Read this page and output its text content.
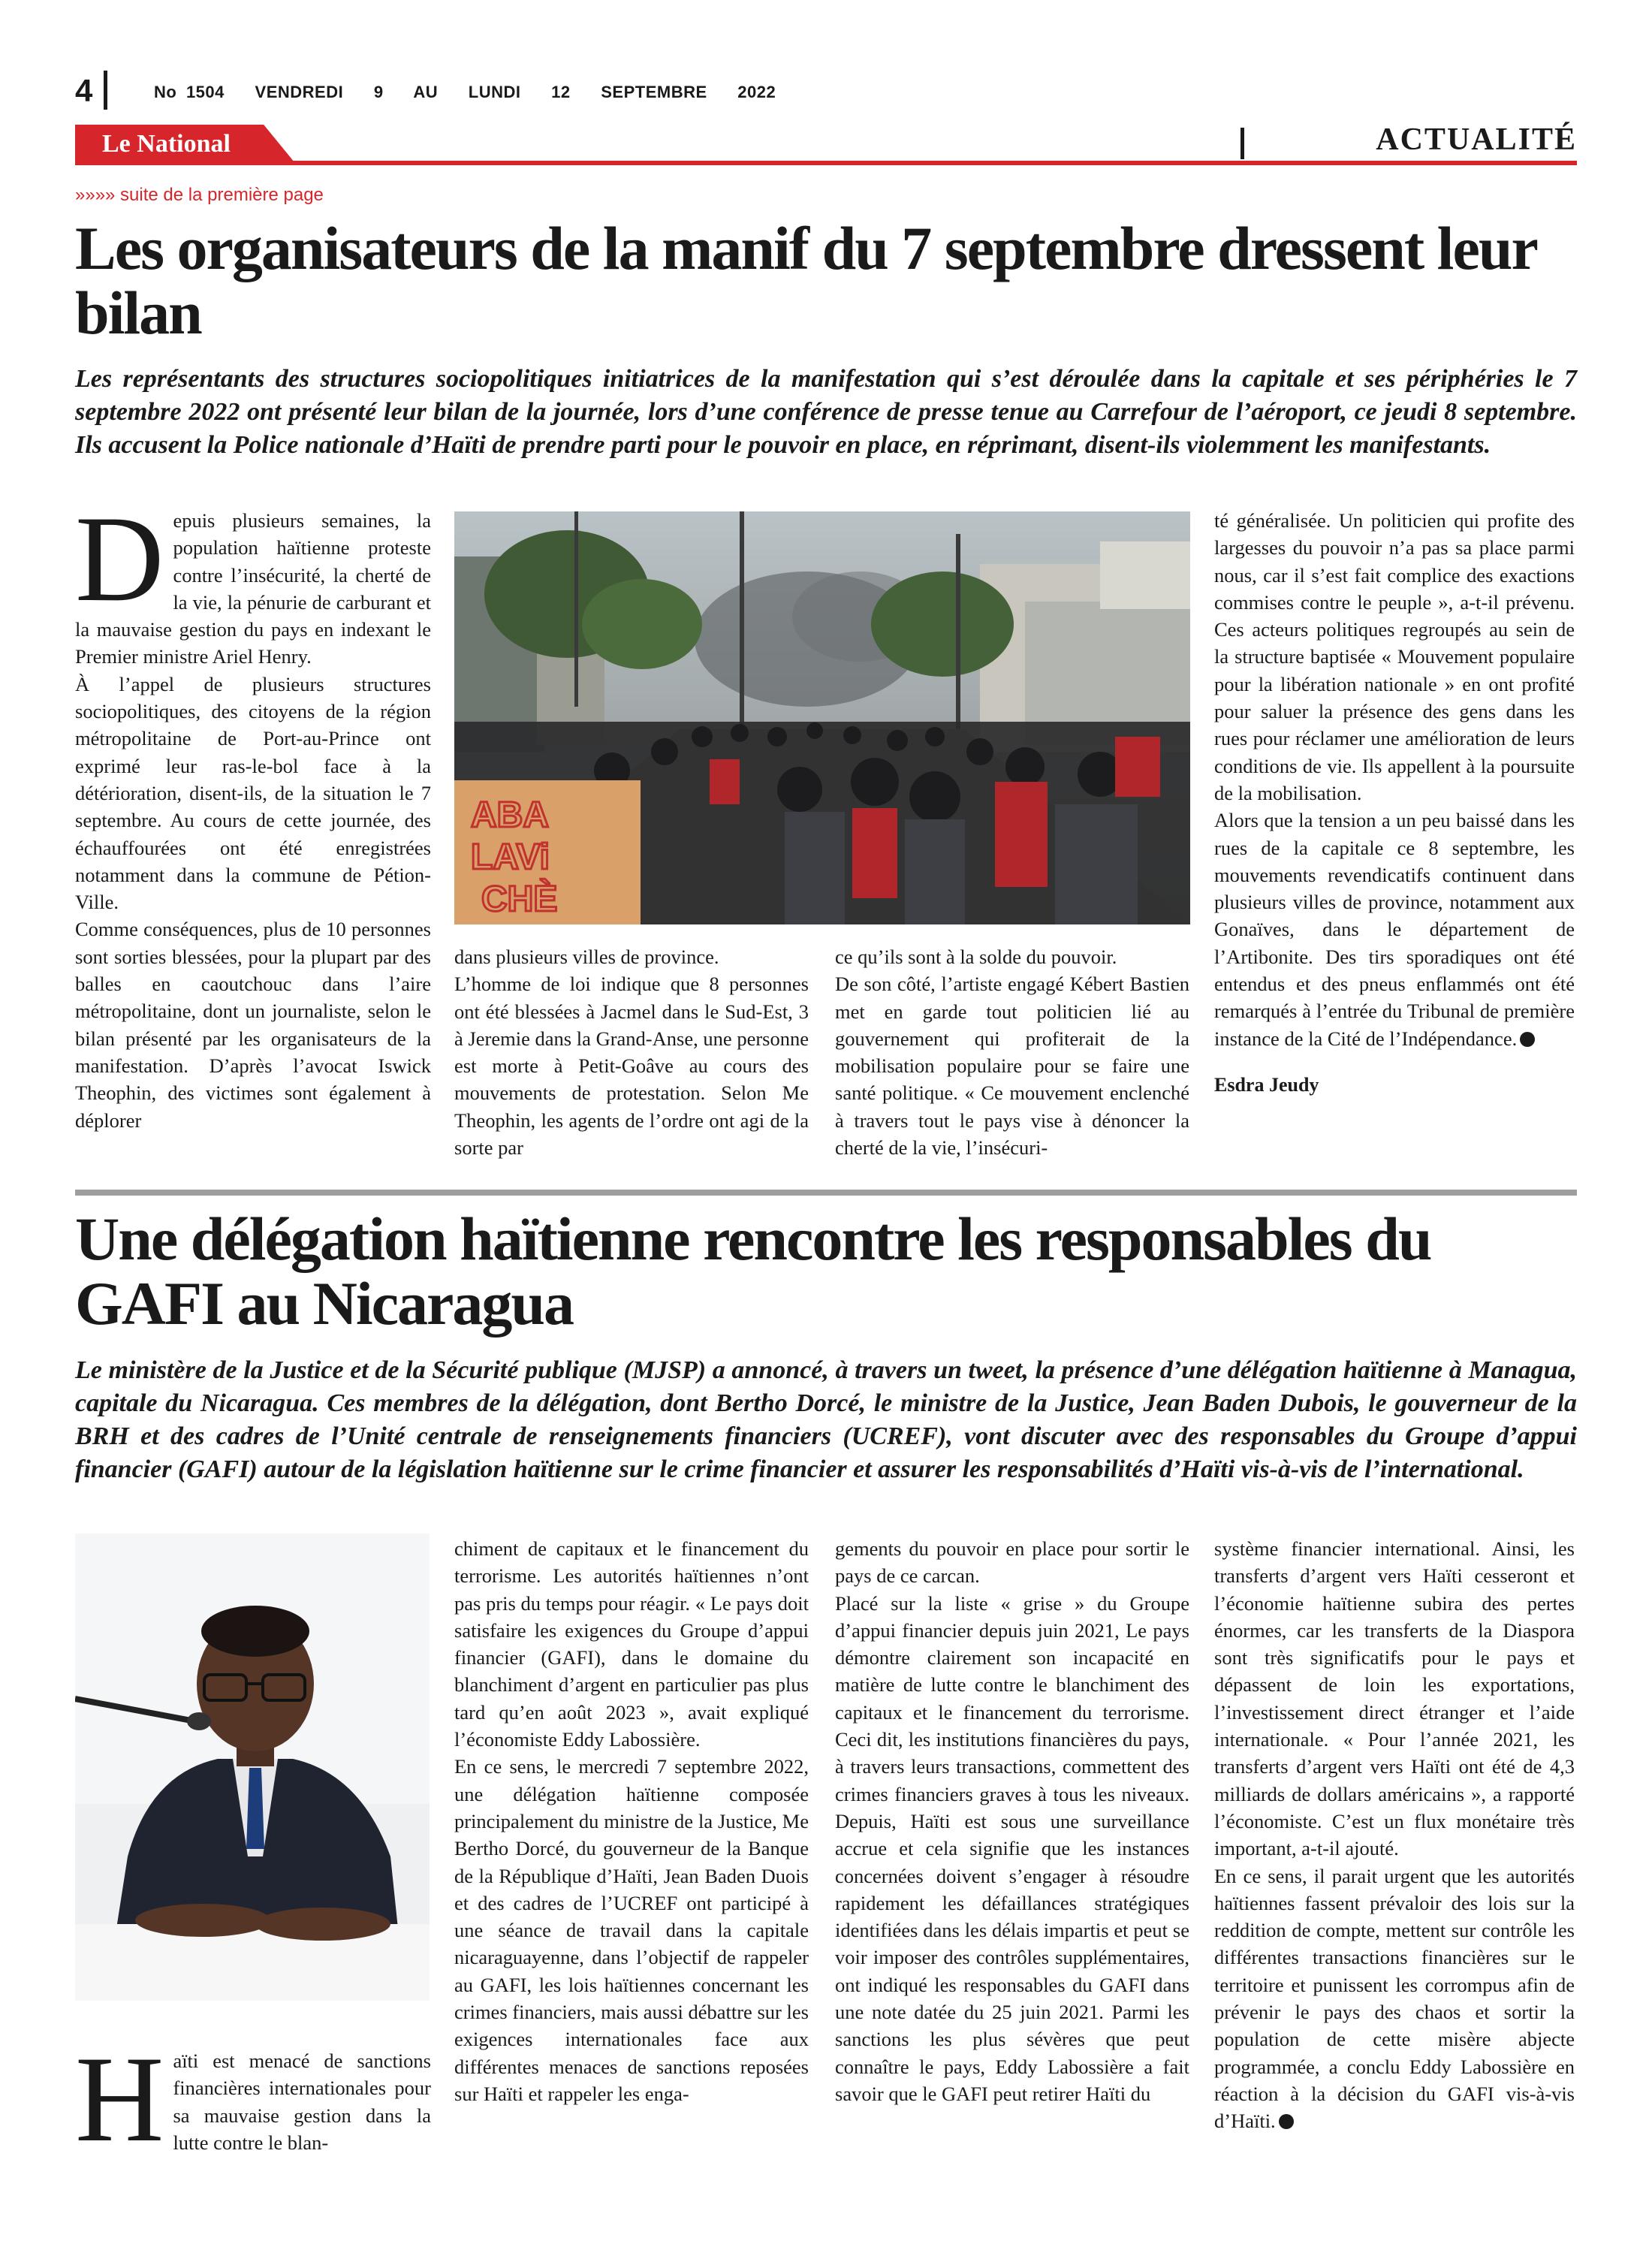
4	No 1504 VENDREDI 9 AU LUNDI 12 SEPTEMBRE 2022
Le National	ACTUALITÉ
»»»» suite de la première page
Les organisateurs de la manif du 7 septembre dressent leur bilan
Les représentants des structures sociopolitiques initiatrices de la manifestation qui s’est déroulée dans la capitale et ses périphéries le 7 septembre 2022 ont présenté leur bilan de la journée, lors d’une conférence de presse tenue au Carrefour de l’aéroport, ce jeudi 8 septembre. Ils accusent la Police nationale d’Haïti de prendre parti pour le pouvoir en place, en réprimant, disent-ils violemment les manifestants.

Depuis plusieurs semaines, la population haïtienne proteste contre l’insécurité, la cherté de la vie, la pénurie de carburant et la mauvaise gestion du pays en indexant le Premier ministre Ariel Henry.

À l’appel de plusieurs structures sociopolitiques, des citoyens de la région métropolitaine de Port-au-Prince ont exprimé leur ras-le-bol face à la détérioration, disent-ils, de la situation le 7 septembre. Au cours de cette journée, des échauffourées ont été enregistrées notamment dans la commune de Pétion-Ville.

Comme conséquences, plus de 10 personnes sont sorties blessées, pour la plupart par des balles en caoutchouc dans l’aire métropolitaine, dont un journaliste, selon le bilan présenté par les organisateurs de la manifestation. D’après l’avocat Iswick Theophin, des victimes sont également à déplorer

ABA LAVi CHÈ

dans plusieurs villes de province.

L’homme de loi indique que 8 personnes ont été blessées à Jacmel dans le Sud-Est, 3 à Jeremie dans la Grand-Anse, une personne est morte à Petit-Goâve au cours des mouvements de protestation. Selon Me Theophin, les agents de l’ordre ont agi de la sorte par

ce qu’ils sont à la solde du pouvoir.

De son côté, l’artiste engagé Kébert Bastien met en garde tout politicien lié au gouvernement qui profiterait de la mobilisation populaire pour se faire une santé politique. « Ce mouvement enclenché à travers tout le pays vise à dénoncer la cherté de la vie, l’insécuri-

té généralisée. Un politicien qui profite des largesses du pouvoir n’a pas sa place parmi nous, car il s’est fait complice des exactions commises contre le peuple », a-t-il prévenu. Ces acteurs politiques regroupés au sein de la structure baptisée « Mouvement populaire pour la libération nationale » en ont profité pour saluer la présence des gens dans les rues pour réclamer une amélioration de leurs conditions de vie. Ils appellent à la poursuite de la mobilisation.

Alors que la tension a un peu baissé dans les rues de la capitale ce 8 septembre, les mouvements revendicatifs continuent dans plusieurs villes de province, notamment aux Gonaïves, dans le département de l’Artibonite. Des tirs sporadiques ont été entendus et des pneus enflammés ont été remarqués à l’entrée du Tribunal de première instance de la Cité de l’Indépendance.

Esdra Jeudy

Une délégation haïtienne rencontre les responsables du GAFI au Nicaragua
Le ministère de la Justice et de la Sécurité publique (MJSP) a annoncé, à travers un tweet, la présence d’une délégation haïtienne à Managua, capitale du Nicaragua. Ces membres de la délégation, dont Bertho Dorcé, le ministre de la Justice, Jean Baden Dubois, le gouverneur de la BRH et des cadres de l’Unité centrale de renseignements financiers (UCREF), vont discuter avec des responsables du Groupe d’appui financier (GAFI) autour de la législation haïtienne sur le crime financier et assurer les responsabilités d’Haïti vis-à-vis de l’international.

Haïti est menacé de sanctions financières internationales pour sa mauvaise gestion dans la lutte contre le blan-

chiment de capitaux et le financement du terrorisme. Les autorités haïtiennes n’ont pas pris du temps pour réagir. « Le pays doit satisfaire les exigences du Groupe d’appui financier (GAFI), dans le domaine du blanchiment d’argent en particulier pas plus tard qu’en août 2023 », avait expliqué l’économiste Eddy Labossière.

En ce sens, le mercredi 7 septembre 2022, une délégation haïtienne composée principalement du ministre de la Justice, Me Bertho Dorcé, du gouverneur de la Banque de la République d’Haïti, Jean Baden Duois et des cadres de l’UCREF ont participé à une séance de travail dans la capitale nicaraguayenne, dans l’objectif de rappeler au GAFI, les lois haïtiennes concernant les crimes financiers, mais aussi débattre sur les exigences internationales face aux différentes menaces de sanctions reposées sur Haïti et rappeler les enga-

gements du pouvoir en place pour sortir le pays de ce carcan.

Placé sur la liste « grise » du Groupe d’appui financier depuis juin 2021, Le pays démontre clairement son incapacité en matière de lutte contre le blanchiment des capitaux et le financement du terrorisme. Ceci dit, les institutions financières du pays, à travers leurs transactions, commettent des crimes financiers graves à tous les niveaux. Depuis, Haïti est sous une surveillance accrue et cela signifie que les instances concernées doivent s’engager à résoudre rapidement les défaillances stratégiques identifiées dans les délais impartis et peut se voir imposer des contrôles supplémentaires, ont indiqué les responsables du GAFI dans une note datée du 25 juin 2021. Parmi les sanctions les plus sévères que peut connaître le pays, Eddy Labossière a fait savoir que le GAFI peut retirer Haïti du

système financier international. Ainsi, les transferts d’argent vers Haïti cesseront et l’économie haïtienne subira des pertes énormes, car les transferts de la Diaspora sont très significatifs pour le pays et dépassent de loin les exportations, l’investissement direct étranger et l’aide internationale. « Pour l’année 2021, les transferts d’argent vers Haïti ont été de 4,3 milliards de dollars américains », a rapporté l’économiste. C’est un flux monétaire très important, a-t-il ajouté.

En ce sens, il parait urgent que les autorités haïtiennes fassent prévaloir des lois sur la reddition de compte, mettent sur contrôle les différentes transactions financières sur le territoire et punissent les corrompus afin de prévenir le pays des chaos et sortir la population de cette misère abjecte programmée, a conclu Eddy Labossière en réaction à la décision du GAFI vis-à-vis d’Haïti.
